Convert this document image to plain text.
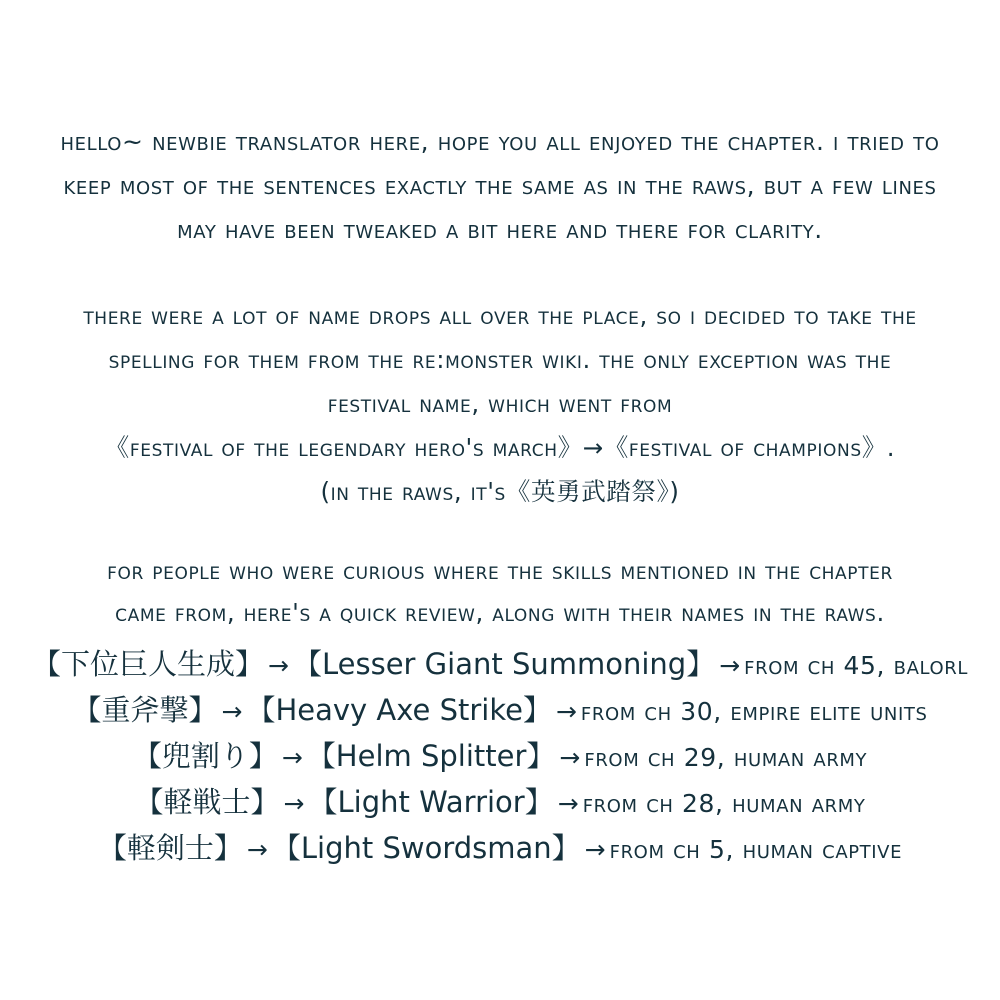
hello~ newbie translator here, hope you all enjoyed the chapter. i tried to
keep most of the sentences exactly the same as in the raws, but a few lines
may have been tweaked a bit here and there for clarity.
there were a lot of name drops all over the place, so i decided to take the
spelling for them from the re:monster wiki. the only exception was the
festival name, which went from
《festival of the legendary hero's march》→《festival of champions》.
(in the raws, it's《英勇武踏祭》)
for people who were curious where the skills mentioned in the chapter
came from, here's a quick review, along with their names in the raws.
【下位巨人生成】 → 【Lesser Giant Summoning】 → from ch 45, balorl
【重斧撃】 → 【Heavy Axe Strike】 → from ch 30, empire elite units
【兜割り】 → 【Helm Splitter】 → from ch 29, human army
【軽戦士】 → 【Light Warrior】 → from ch 28, human army
【軽剣士】 → 【Light Swordsman】 → from ch 5, human captive
